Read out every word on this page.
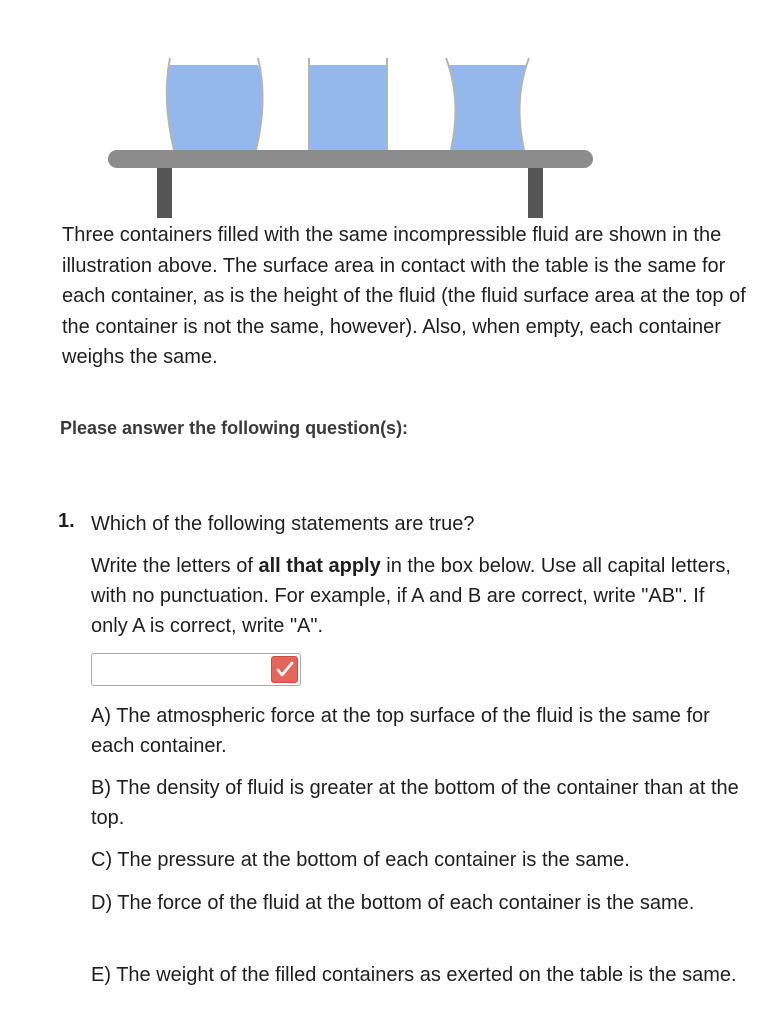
Three containers filled with the same incompressible fluid are shown in the illustration above. The surface area in contact with the table is the same for each container, as is the height of the fluid (the fluid surface area at the top of the container is not the same, however). Also, when empty, each container weighs the same.

Please answer the following question(s):

1. Which of the following statements are true?

Write the letters of all that apply in the box below. Use all capital letters, with no punctuation. For example, if A and B are correct, write "AB". If only A is correct, write "A".

A) The atmospheric force at the top surface of the fluid is the same for each container.

B) The density of fluid is greater at the bottom of the container than at the top.

C) The pressure at the bottom of each container is the same.

D) The force of the fluid at the bottom of each container is the same.

E) The weight of the filled containers as exerted on the table is the same.
